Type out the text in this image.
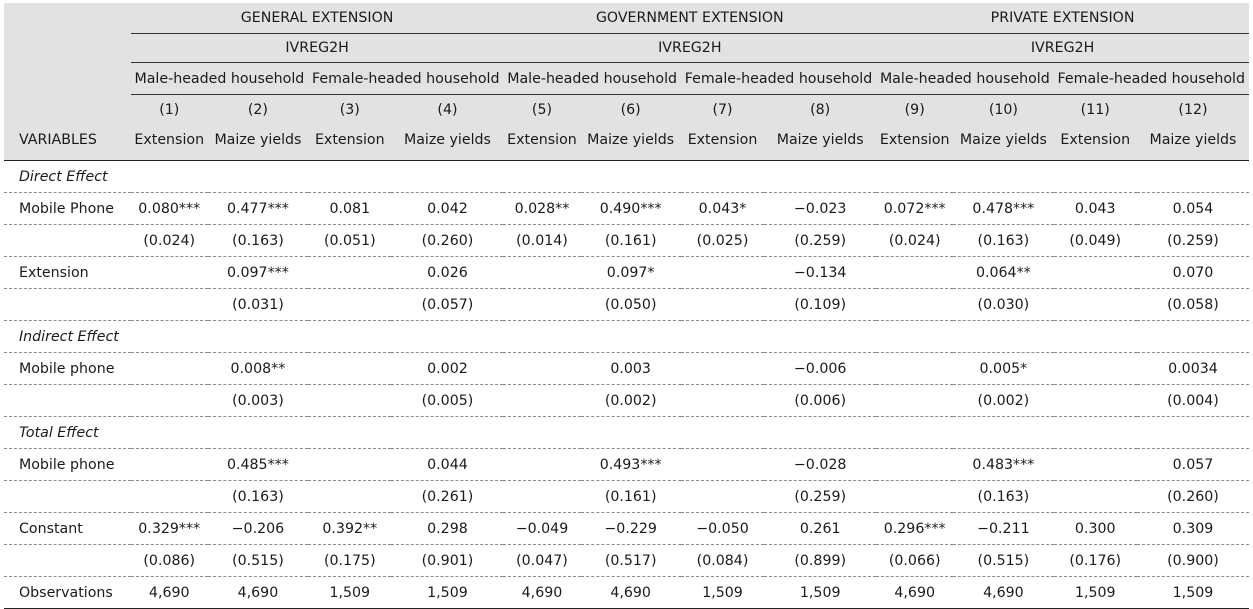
	GENERAL EXTENSION				GOVERNMENT EXTENSION				PRIVATE EXTENSION			
	IVREG2H				IVREG2H				IVREG2H			
	Male-headed household		Female-headed household		Male-headed household		Female-headed household		Male-headed household		Female-headed household	
	(1)	(2)	(3)	(4)	(5)	(6)	(7)	(8)	(9)	(10)	(11)	(12)
VARIABLES	Extension	Maize yields	Extension	Maize yields	Extension	Maize yields	Extension	Maize yields	Extension	Maize yields	Extension	Maize yields

Direct Effect												
Mobile Phone	0.080***	0.477***	0.081	0.042	0.028**	0.490***	0.043*	−0.023	0.072***	0.478***	0.043	0.054
	(0.024)	(0.163)	(0.051)	(0.260)	(0.014)	(0.161)	(0.025)	(0.259)	(0.024)	(0.163)	(0.049)	(0.259)
Extension		0.097***		0.026		0.097*		−0.134		0.064**		0.070
		(0.031)		(0.057)		(0.050)		(0.109)		(0.030)		(0.058)
Indirect Effect												
Mobile phone		0.008**		0.002		0.003		−0.006		0.005*		0.0034
		(0.003)		(0.005)		(0.002)		(0.006)		(0.002)		(0.004)
Total Effect												
Mobile phone		0.485***		0.044		0.493***		−0.028		0.483***		0.057
		(0.163)		(0.261)		(0.161)		(0.259)		(0.163)		(0.260)
Constant	0.329***	−0.206	0.392**	0.298	−0.049	−0.229	−0.050	0.261	0.296***	−0.211	0.300	0.309
	(0.086)	(0.515)	(0.175)	(0.901)	(0.047)	(0.517)	(0.084)	(0.899)	(0.066)	(0.515)	(0.176)	(0.900)
Observations	4,690	4,690	1,509	1,509	4,690	4,690	1,509	1,509	4,690	4,690	1,509	1,509
